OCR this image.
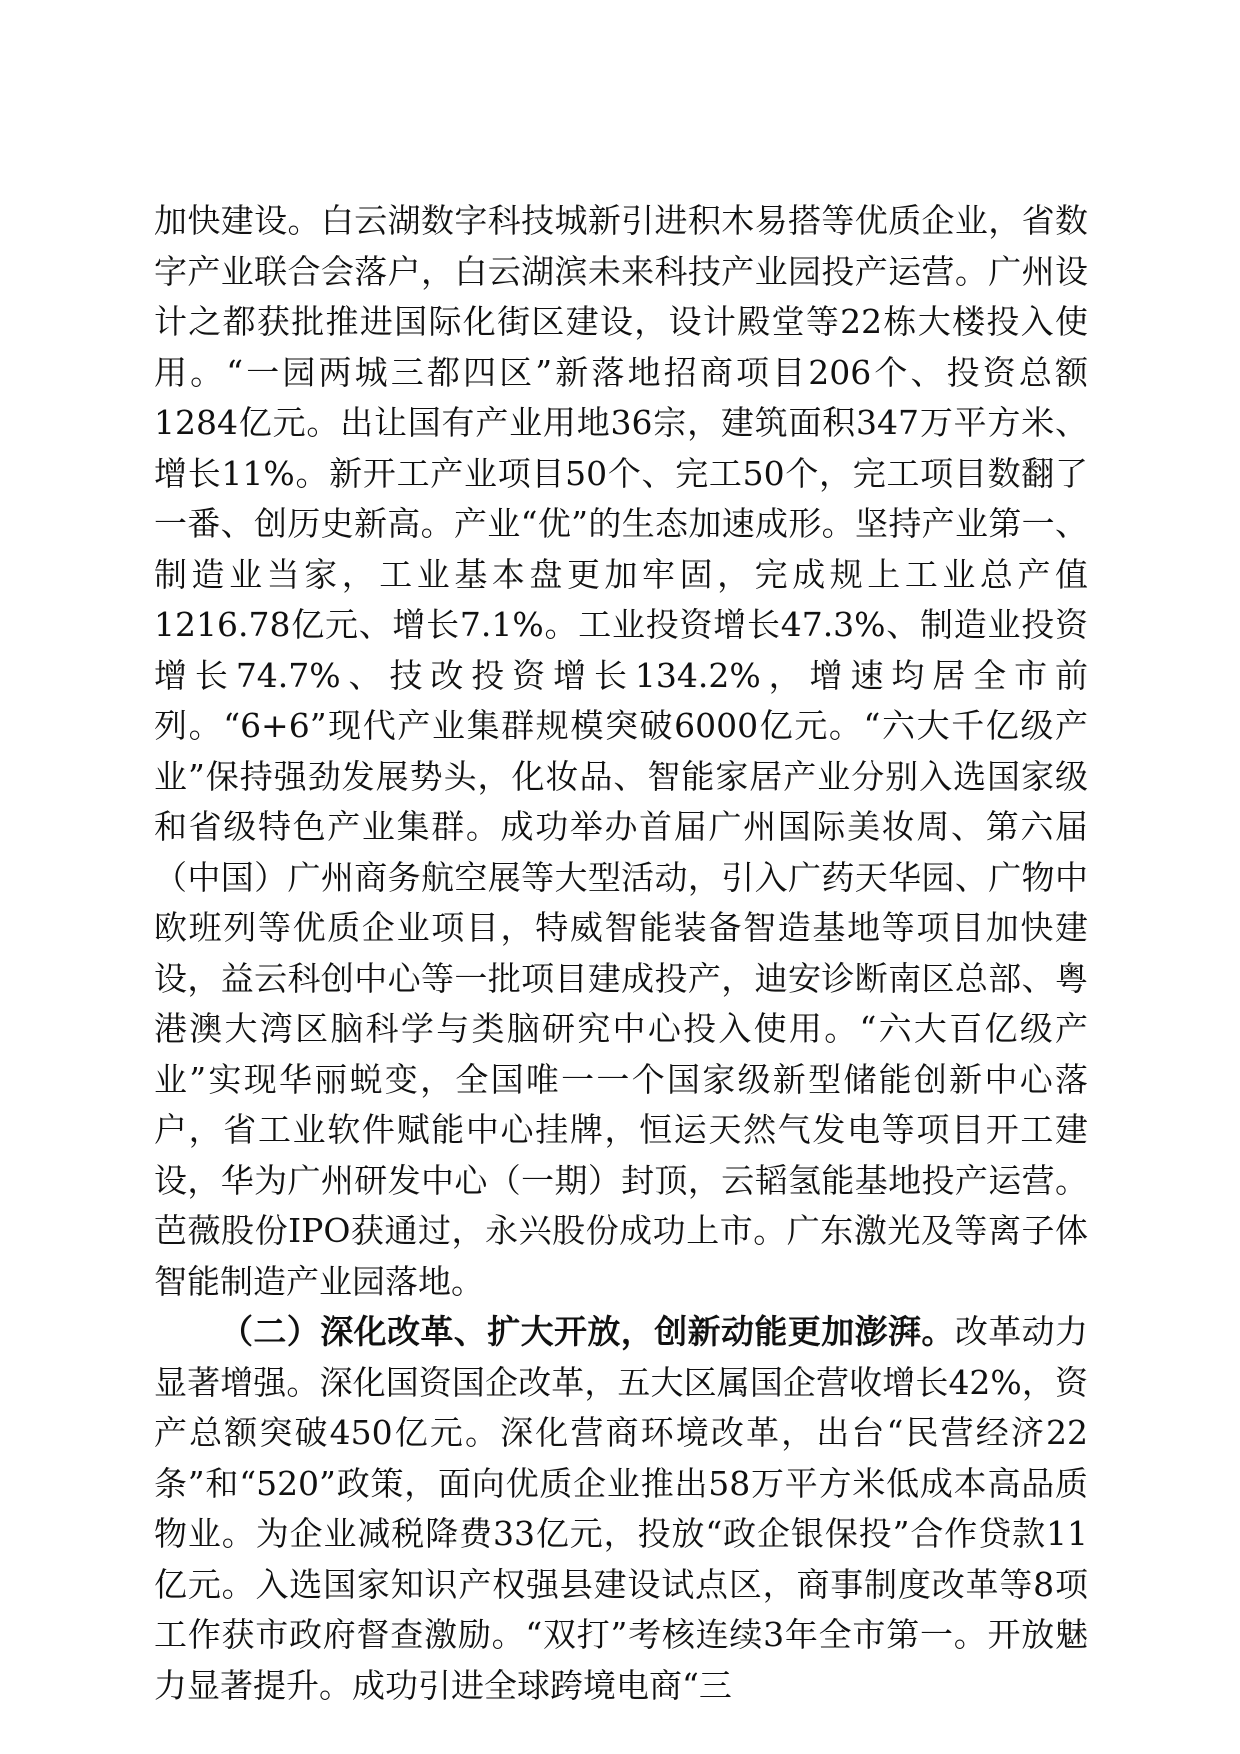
加快建设。白云湖数字科技城新引进积木易搭等优质企业，省数字产业联合会落户，白云湖滨未来科技产业园投产运营。广州设计之都获批推进国际化街区建设，设计殿堂等22栋大楼投入使用。“一园两城三都四区”新落地招商项目206个、投资总额1284亿元。出让国有产业用地36宗，建筑面积347万平方米、增长11%。新开工产业项目50个、完工50个，完工项目数翻了一番、创历史新高。产业“优”的生态加速成形。坚持产业第一、制造业当家，工业基本盘更加牢固，完成规上工业总产值1216.78亿元、增长7.1%。工业投资增长47.3%、制造业投资增长74.7%、技改投资增长134.2%，增速均居全市前列。“6+6”现代产业集群规模突破6000亿元。“六大千亿级产业”保持强劲发展势头，化妆品、智能家居产业分别入选国家级和省级特色产业集群。成功举办首届广州国际美妆周、第六届（中国）广州商务航空展等大型活动，引入广药天华园、广物中欧班列等优质企业项目，特威智能装备智造基地等项目加快建设，益云科创中心等一批项目建成投产，迪安诊断南区总部、粤港澳大湾区脑科学与类脑研究中心投入使用。“六大百亿级产业”实现华丽蜕变，全国唯一一个国家级新型储能创新中心落户，省工业软件赋能中心挂牌，恒运天然气发电等项目开工建设，华为广州研发中心（一期）封顶，云韬氢能基地投产运营。芭薇股份IPO获通过，永兴股份成功上市。广东激光及等离子体智能制造产业园落地。

（二）深化改革、扩大开放，创新动能更加澎湃。改革动力显著增强。深化国资国企改革，五大区属国企营收增长42%，资产总额突破450亿元。深化营商环境改革，出台“民营经济22条”和“520”政策，面向优质企业推出58万平方米低成本高品质物业。为企业减税降费33亿元，投放“政企银保投”合作贷款11亿元。入选国家知识产权强县建设试点区，商事制度改革等8项工作获市政府督查激励。“双打”考核连续3年全市第一。开放魅力显著提升。成功引进全球跨境电商“三
